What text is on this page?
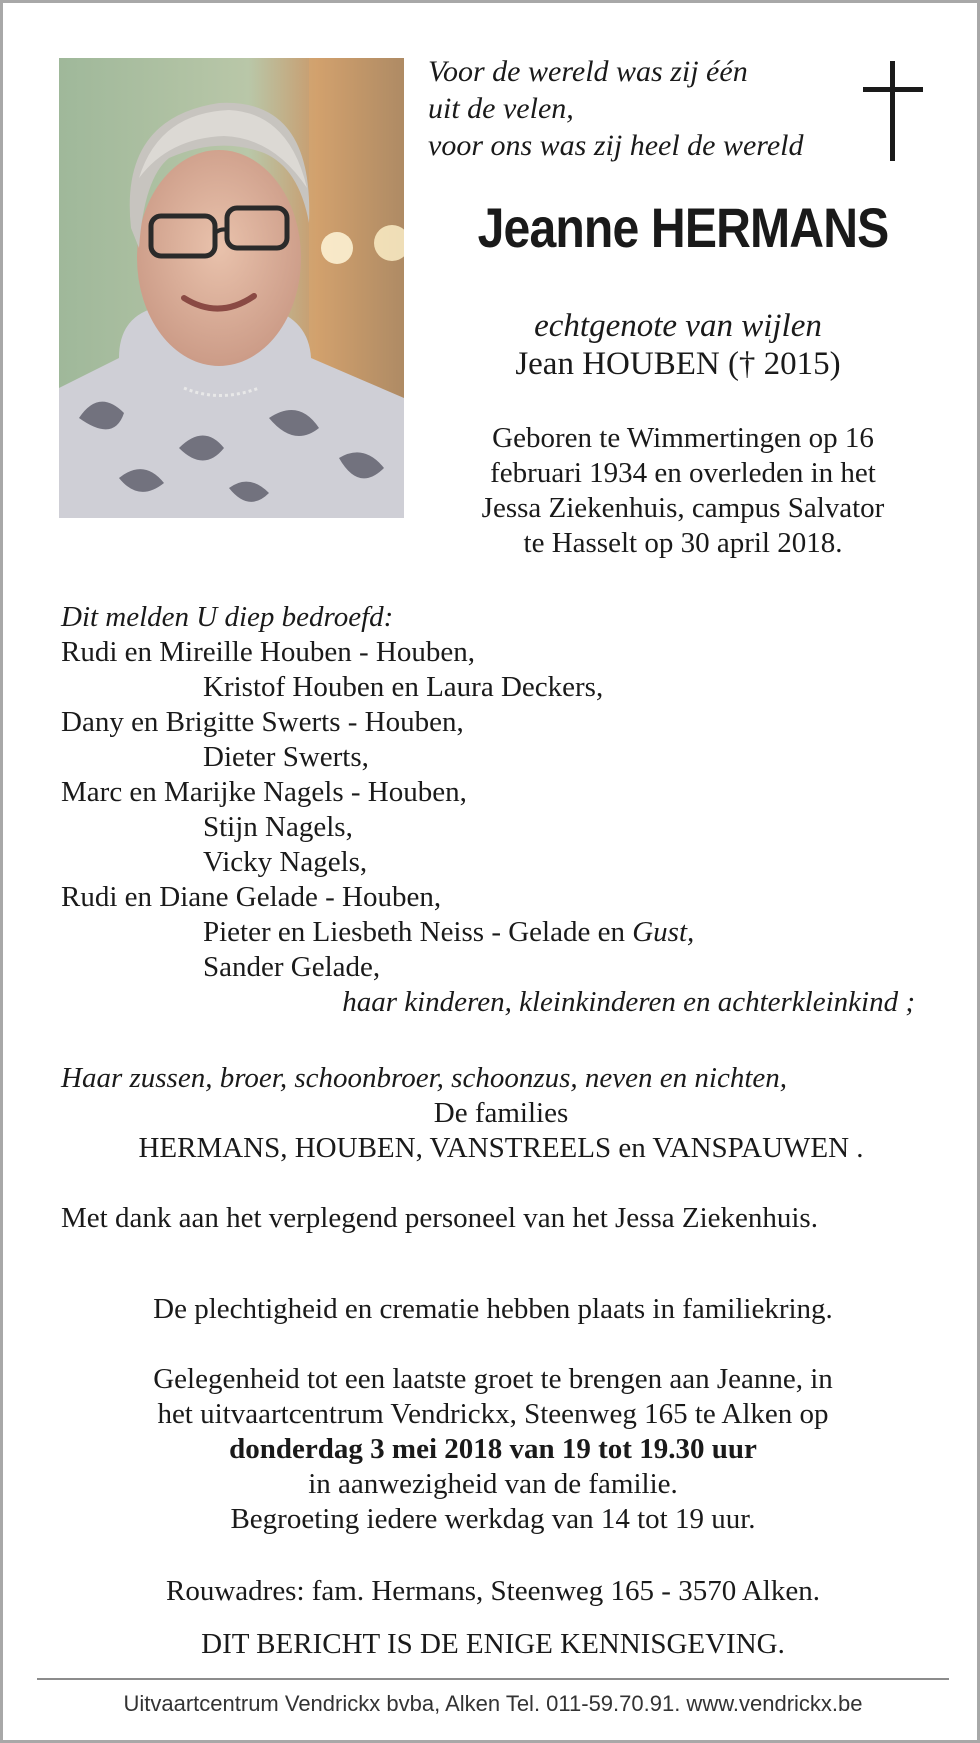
Voor de wereld was zij één
uit de velen,
voor ons was zij heel de wereld
Jeanne HERMANS
echtgenote van wijlen
Jean HOUBEN († 2015)
Geboren te Wimmertingen op 16
februari 1934 en overleden in het
Jessa Ziekenhuis, campus Salvator
te Hasselt op 30 april 2018.
Dit melden U diep bedroefd:
Rudi en Mireille Houben - Houben,
Kristof Houben en Laura Deckers,
Dany en Brigitte Swerts - Houben,
Dieter Swerts,
Marc en Marijke Nagels - Houben,
Stijn Nagels,
Vicky Nagels,
Rudi en Diane Gelade - Houben,
Pieter en Liesbeth Neiss - Gelade en Gust,
Sander Gelade,
haar kinderen, kleinkinderen en achterkleinkind ;
Haar zussen, broer, schoonbroer, schoonzus, neven en nichten,
De families
HERMANS, HOUBEN, VANSTREELS en VANSPAUWEN .
Met dank aan het verplegend personeel van het Jessa Ziekenhuis.
De plechtigheid en crematie hebben plaats in familiekring.
Gelegenheid tot een laatste groet te brengen aan Jeanne, in
het uitvaartcentrum Vendrickx, Steenweg 165 te Alken op
donderdag 3 mei 2018 van 19 tot 19.30 uur
in aanwezigheid van de familie.
Begroeting iedere werkdag van 14 tot 19 uur.
Rouwadres: fam. Hermans, Steenweg 165 - 3570 Alken.
DIT BERICHT IS DE ENIGE KENNISGEVING.
Uitvaartcentrum Vendrickx bvba, Alken Tel. 011-59.70.91. www.vendrickx.be
